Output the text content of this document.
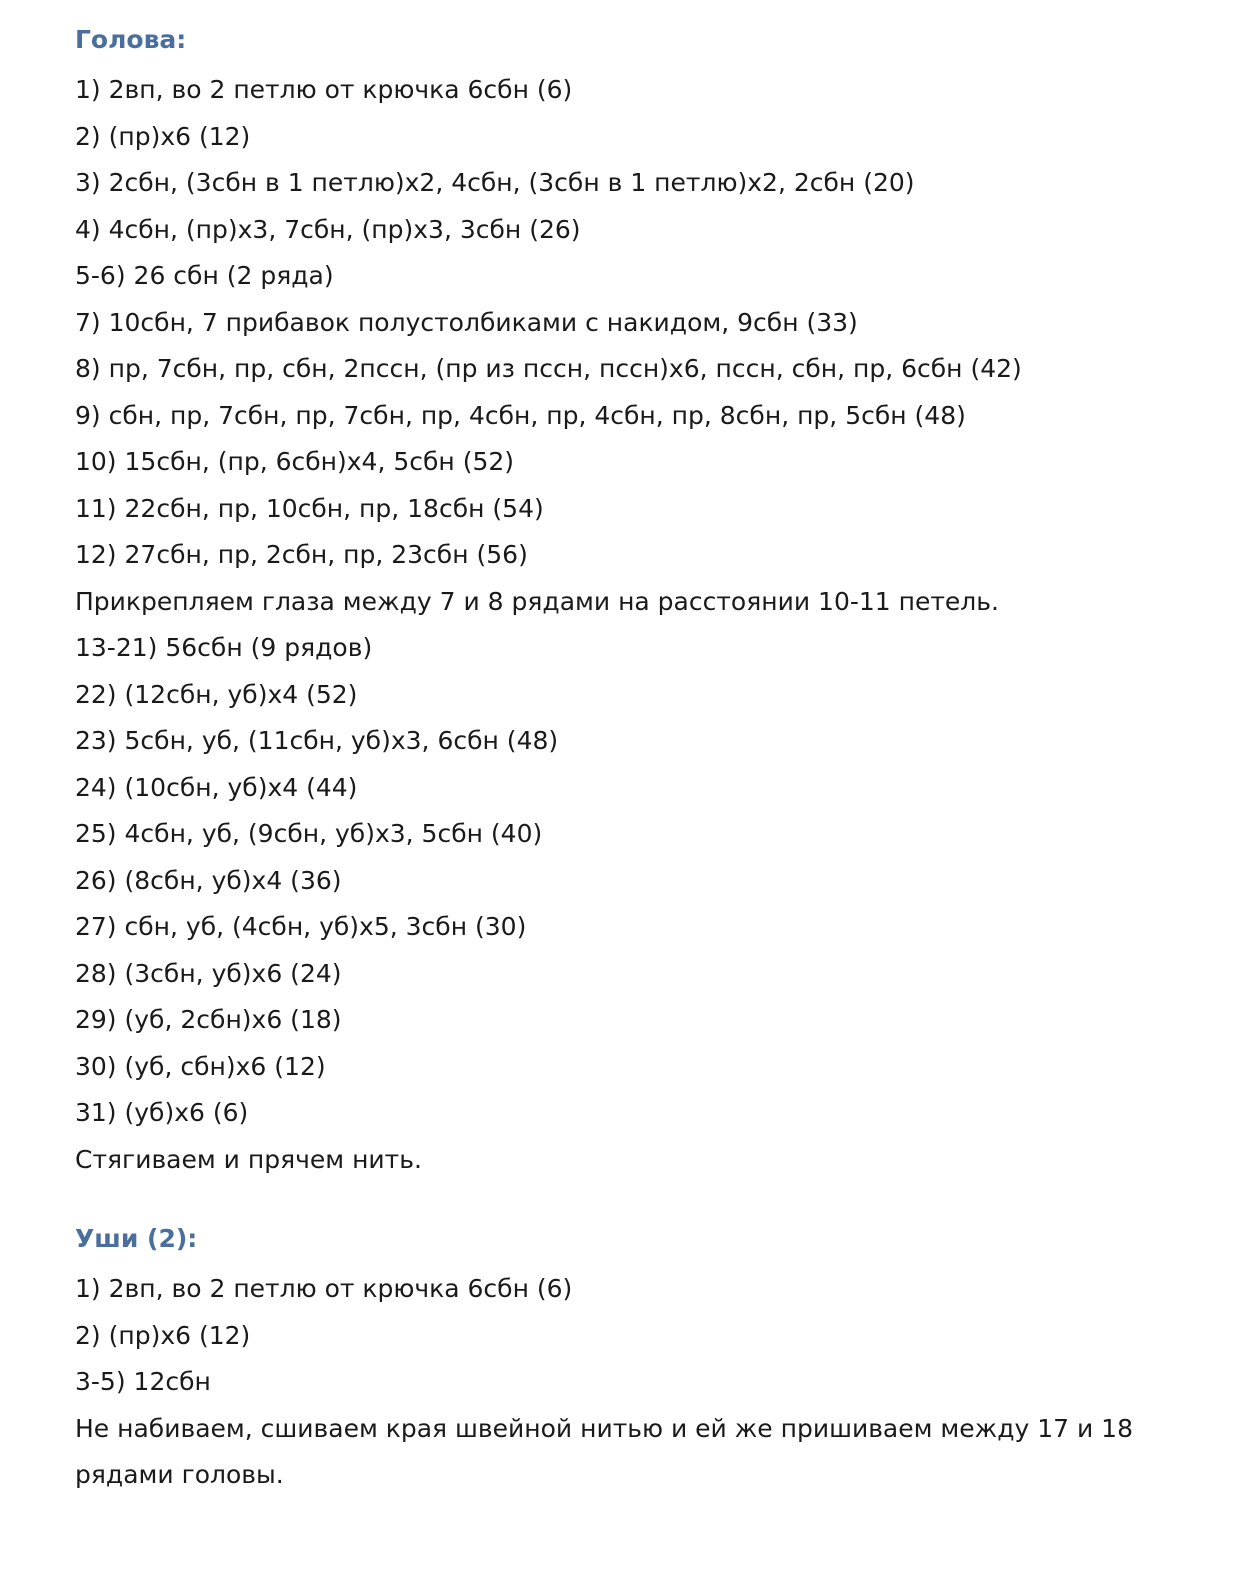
Голова:

1) 2вп, во 2 петлю от крючка 6сбн (6)

2) (пр)х6 (12)

3) 2сбн, (3сбн в 1 петлю)х2, 4сбн, (3сбн в 1 петлю)х2, 2сбн (20)

4) 4сбн, (пр)х3, 7сбн, (пр)х3, 3сбн (26)

5-6) 26 сбн (2 ряда)

7) 10сбн, 7 прибавок полустолбиками с накидом, 9сбн (33)

8) пр, 7сбн, пр, сбн, 2пссн, (пр из пссн, пссн)х6, пссн, сбн, пр, 6сбн (42)

9) сбн, пр, 7сбн, пр, 7сбн, пр, 4сбн, пр, 4сбн, пр, 8сбн, пр, 5сбн (48)

10) 15сбн, (пр, 6сбн)х4, 5сбн (52)

11) 22сбн, пр, 10сбн, пр, 18сбн (54)

12) 27сбн, пр, 2сбн, пр, 23сбн (56)

Прикрепляем глаза между 7 и 8 рядами на расстоянии 10-11 петель.

13-21) 56сбн (9 рядов)

22) (12сбн, уб)х4 (52)

23) 5сбн, уб, (11сбн, уб)х3, 6сбн (48)

24) (10сбн, уб)х4 (44)

25) 4сбн, уб, (9сбн, уб)х3, 5сбн (40)

26) (8сбн, уб)х4 (36)

27) сбн, уб, (4сбн, уб)х5, 3сбн (30)

28) (3сбн, уб)х6 (24)

29) (уб, 2сбн)х6 (18)

30) (уб, сбн)х6 (12)

31) (уб)х6 (6)

Стягиваем и прячем нить.

Уши (2):

1) 2вп, во 2 петлю от крючка 6сбн (6)

2) (пр)х6 (12)

3-5) 12сбн

Не набиваем, сшиваем края швейной нитью и ей же пришиваем между 17 и 18 рядами головы.
